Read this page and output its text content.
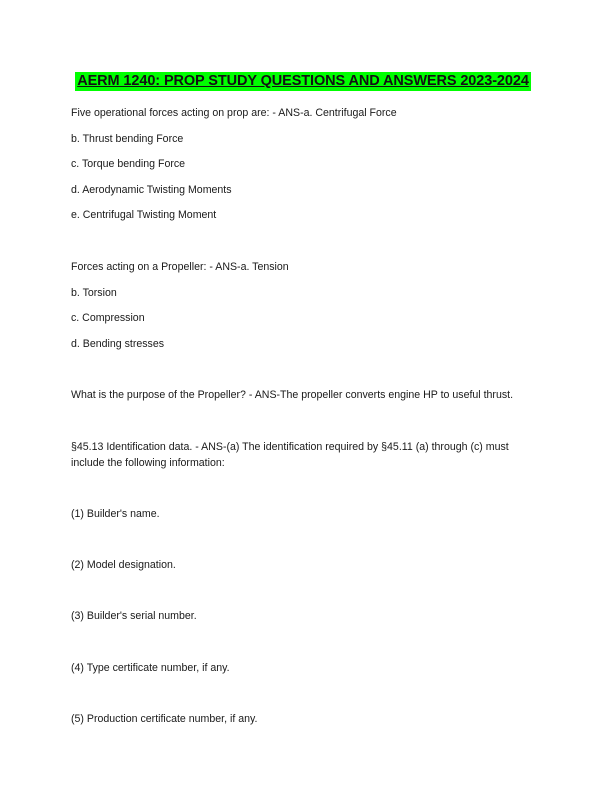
AERM 1240: PROP STUDY QUESTIONS AND ANSWERS 2023-2024
Five operational forces acting on prop are: - ANS-a. Centrifugal Force
b. Thrust bending Force
c. Torque bending Force
d. Aerodynamic Twisting Moments
e. Centrifugal Twisting Moment
Forces acting on a Propeller: - ANS-a. Tension
b. Torsion
c. Compression
d. Bending stresses
What is the purpose of the Propeller? - ANS-The propeller converts engine HP to useful thrust.
§45.13 Identification data. - ANS-(a) The identification required by §45.11 (a) through (c) must include the following information:
(1) Builder's name.
(2) Model designation.
(3) Builder's serial number.
(4) Type certificate number, if any.
(5) Production certificate number, if any.
